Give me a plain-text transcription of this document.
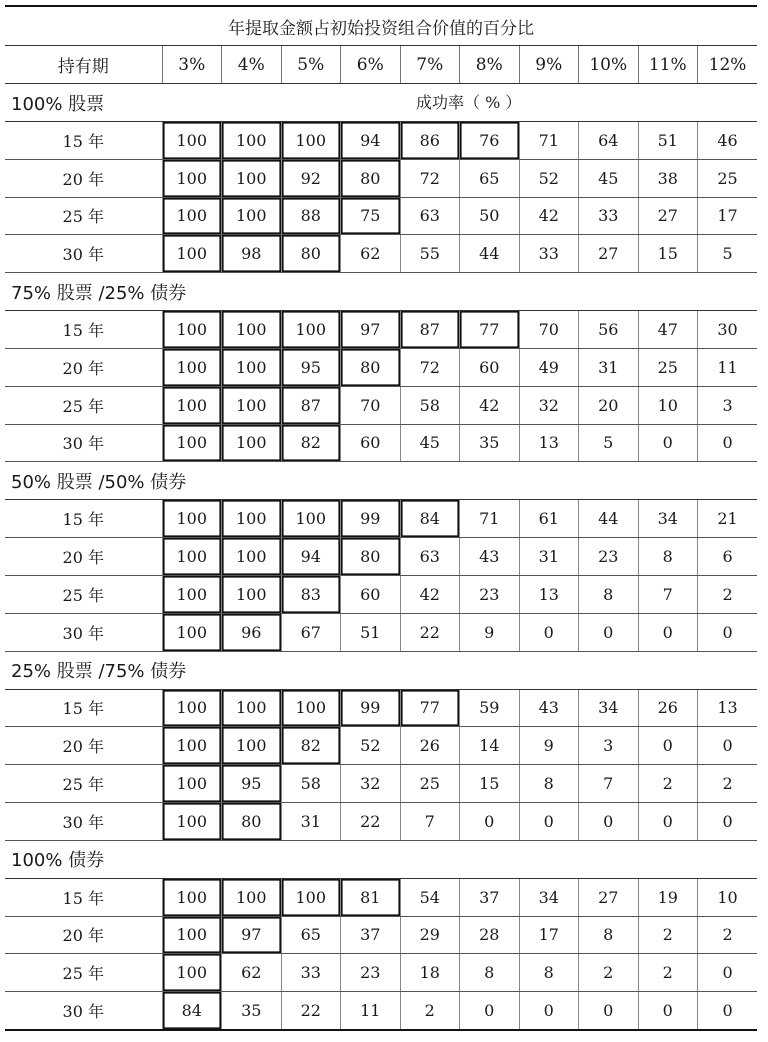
年提取金额占初始投资组合价值的百分比										
持有期	3%	4%	5%	6%	7%	8%	9%	10%	11%	12%
100% 股票 成功率（ % ）										

15 年	100	100	100	94	86	76	71	64	51	46
20 年	100	100	92	80	72	65	52	45	38	25
25 年	100	100	88	75	63	50	42	33	27	17
30 年	100	98	80	62	55	44	33	27	15	5
75% 股票 /25% 债券										
15 年	100	100	100	97	87	77	70	56	47	30
20 年	100	100	95	80	72	60	49	31	25	11
25 年	100	100	87	70	58	42	32	20	10	3
30 年	100	100	82	60	45	35	13	5	0	0
50% 股票 /50% 债券										
15 年	100	100	100	99	84	71	61	44	34	21
20 年	100	100	94	80	63	43	31	23	8	6
25 年	100	100	83	60	42	23	13	8	7	2
30 年	100	96	67	51	22	9	0	0	0	0
25% 股票 /75% 债券										
15 年	100	100	100	99	77	59	43	34	26	13
20 年	100	100	82	52	26	14	9	3	0	0
25 年	100	95	58	32	25	15	8	7	2	2
30 年	100	80	31	22	7	0	0	0	0	0
100% 债券										
15 年	100	100	100	81	54	37	34	27	19	10
20 年	100	97	65	37	29	28	17	8	2	2
25 年	100	62	33	23	18	8	8	2	2	0
30 年	84	35	22	11	2	0	0	0	0	0
